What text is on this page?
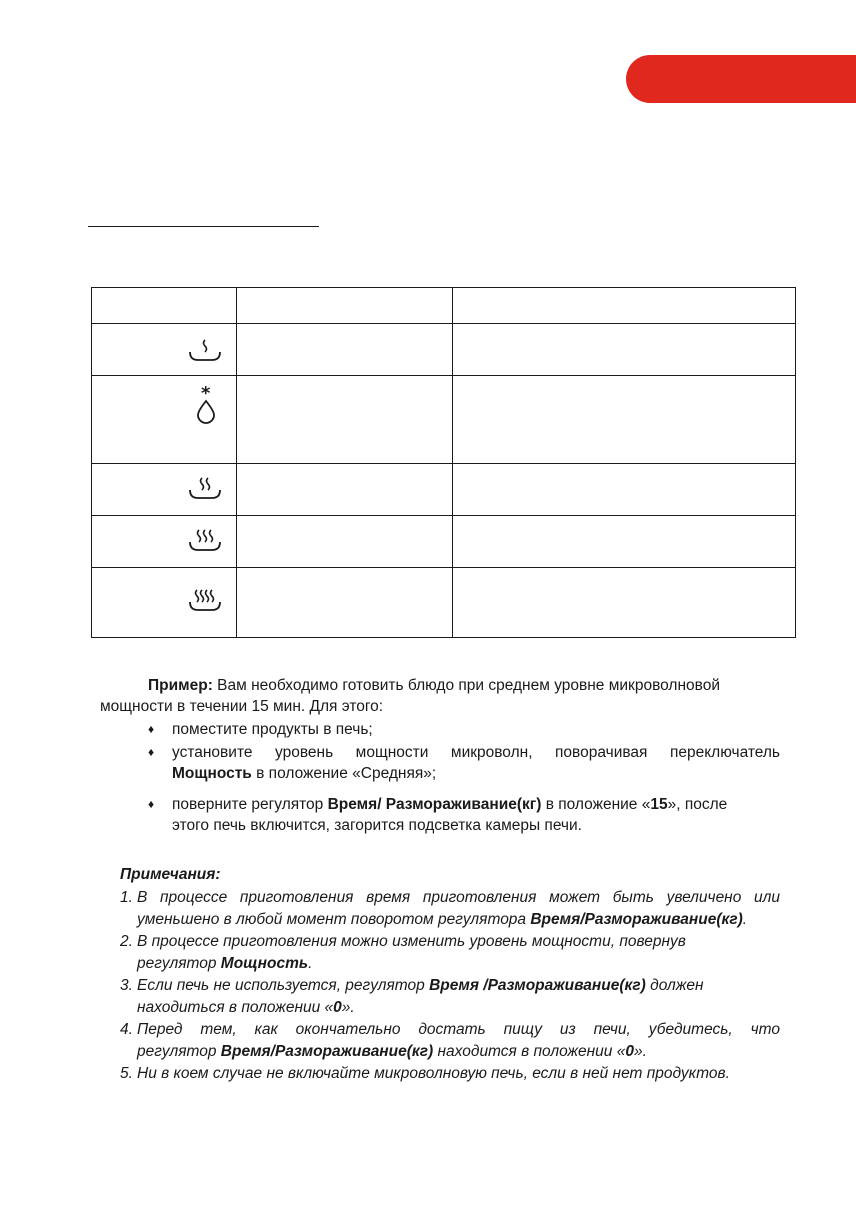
*		

Пример: Вам необходимо готовить блюдо при среднем уровне микроволновой

мощности в течении 15 мин. Для этого:

♦ поместите продукты в печь;
♦ установите уровень мощности микроволн, поворачивая переключатель
Мощность в положение «Средняя»;
♦ поверните регулятор Время/ Размораживание(кг) в положение «15», после
этого печь включится, загорится подсветка камеры печи.
Примечания:
1. В процессе приготовления время приготовления может быть увеличено или
уменьшено в любой момент поворотом регулятора Время/Размораживание(кг).
2. В процессе приготовления можно изменить уровень мощности, повернув
регулятор Мощность.
3. Если печь не используется, регулятор Время /Размораживание(кг) должен
находиться в положении «0».
4. Перед тем, как окончательно достать пищу из печи, убедитесь, что
регулятор Время/Размораживание(кг) находится в положении «0».
5. Ни в коем случае не включайте микроволновую печь, если в ней нет продуктов.
